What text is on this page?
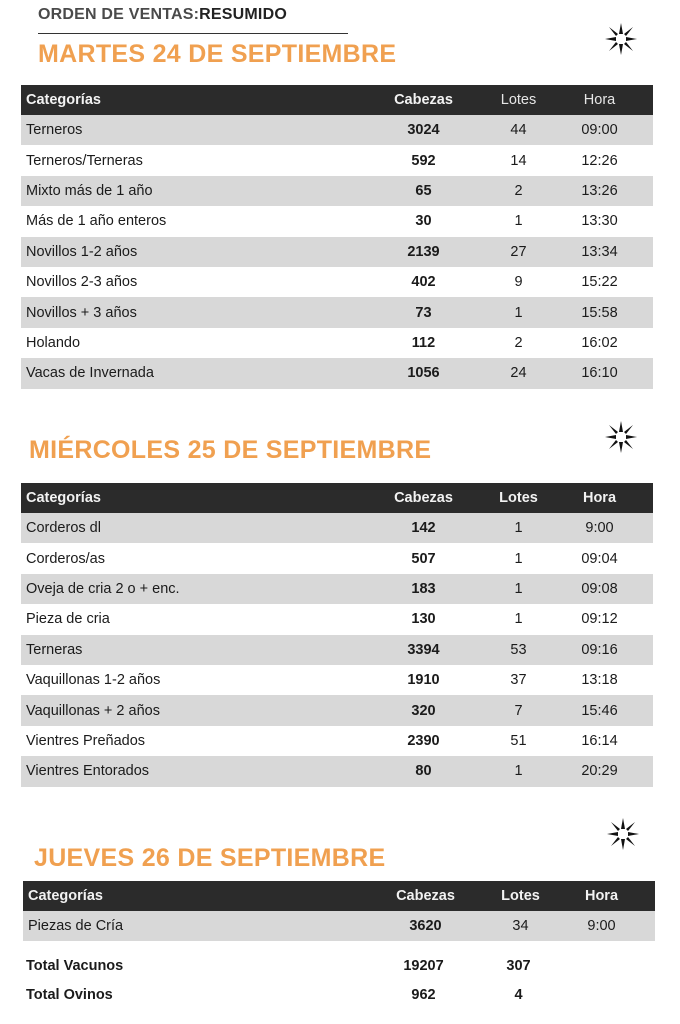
ORDEN DE VENTAS:RESUMIDO
MARTES 24 DE SEPTIEMBRE
Categorías	Cabezas	Lotes	Hora
Terneros	3024	44	09:00
Terneros/Terneras	592	14	12:26
Mixto más de 1 año	65	2	13:26
Más de 1 año enteros	30	1	13:30
Novillos 1-2 años	2139	27	13:34
Novillos 2-3 años	402	9	15:22
Novillos + 3 años	73	1	15:58
Holando	112	2	16:02
Vacas de Invernada	1056	24	16:10
MIÉRCOLES 25 DE SEPTIEMBRE
Categorías	Cabezas	Lotes	Hora
Corderos dl	142	1	9:00
Corderos/as	507	1	09:04
Oveja de cria 2 o + enc.	183	1	09:08
Pieza de cria	130	1	09:12
Terneras	3394	53	09:16
Vaquillonas 1-2 años	1910	37	13:18
Vaquillonas + 2 años	320	7	15:46
Vientres Preñados	2390	51	16:14
Vientres Entorados	80	1	20:29
JUEVES 26 DE SEPTIEMBRE
Categorías	Cabezas	Lotes	Hora
Piezas de Cría	3620	34	9:00
Total Vacunos	19207	307	
Total Ovinos	962	4	
